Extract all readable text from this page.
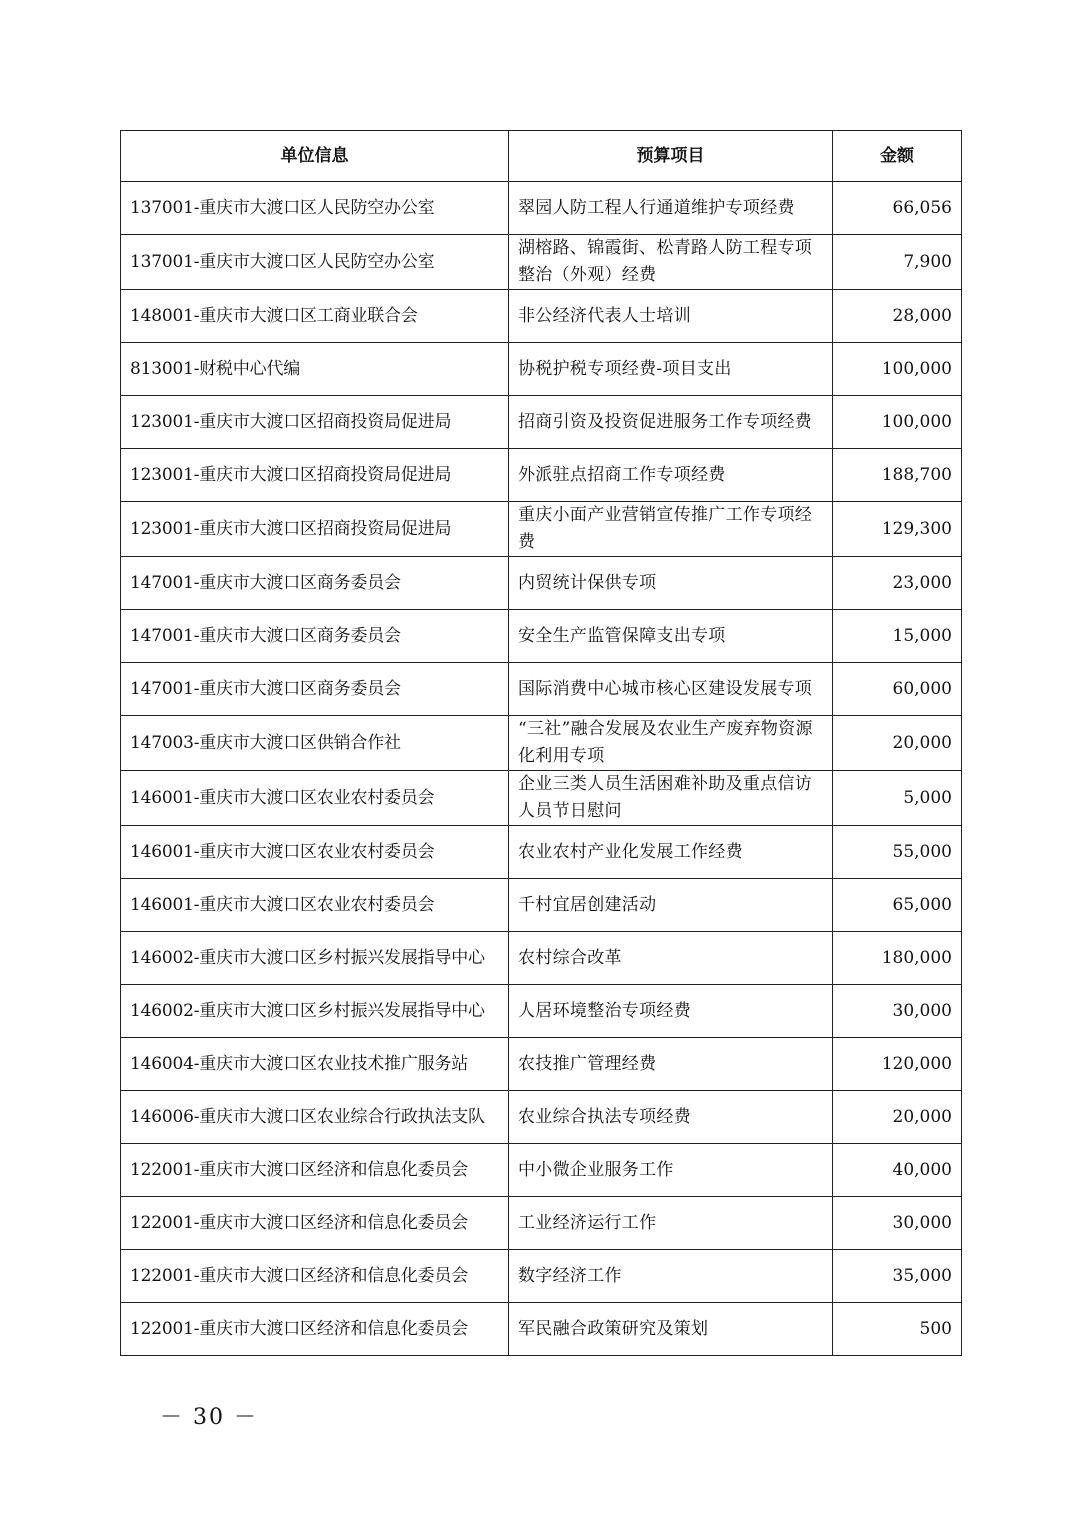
单位信息	预算项目	金额
137001-重庆市大渡口区人民防空办公室	翠园人防工程人行通道维护专项经费	66,056
137001-重庆市大渡口区人民防空办公室	湖榕路、锦霞街、松青路人防工程专项整治（外观）经费	7,900
148001-重庆市大渡口区工商业联合会	非公经济代表人士培训	28,000
813001-财税中心代编	协税护税专项经费-项目支出	100,000
123001-重庆市大渡口区招商投资局促进局	招商引资及投资促进服务工作专项经费	100,000
123001-重庆市大渡口区招商投资局促进局	外派驻点招商工作专项经费	188,700
123001-重庆市大渡口区招商投资局促进局	重庆小面产业营销宣传推广工作专项经费	129,300
147001-重庆市大渡口区商务委员会	内贸统计保供专项	23,000
147001-重庆市大渡口区商务委员会	安全生产监管保障支出专项	15,000
147001-重庆市大渡口区商务委员会	国际消费中心城市核心区建设发展专项	60,000
147003-重庆市大渡口区供销合作社	“三社”融合发展及农业生产废弃物资源化利用专项	20,000
146001-重庆市大渡口区农业农村委员会	企业三类人员生活困难补助及重点信访人员节日慰问	5,000
146001-重庆市大渡口区农业农村委员会	农业农村产业化发展工作经费	55,000
146001-重庆市大渡口区农业农村委员会	千村宜居创建活动	65,000
146002-重庆市大渡口区乡村振兴发展指导中心	农村综合改革	180,000
146002-重庆市大渡口区乡村振兴发展指导中心	人居环境整治专项经费	30,000
146004-重庆市大渡口区农业技术推广服务站	农技推广管理经费	120,000
146006-重庆市大渡口区农业综合行政执法支队	农业综合执法专项经费	20,000
122001-重庆市大渡口区经济和信息化委员会	中小微企业服务工作	40,000
122001-重庆市大渡口区经济和信息化委员会	工业经济运行工作	30,000
122001-重庆市大渡口区经济和信息化委员会	数字经济工作	35,000
122001-重庆市大渡口区经济和信息化委员会	军民融合政策研究及策划	500
－ 30 －
